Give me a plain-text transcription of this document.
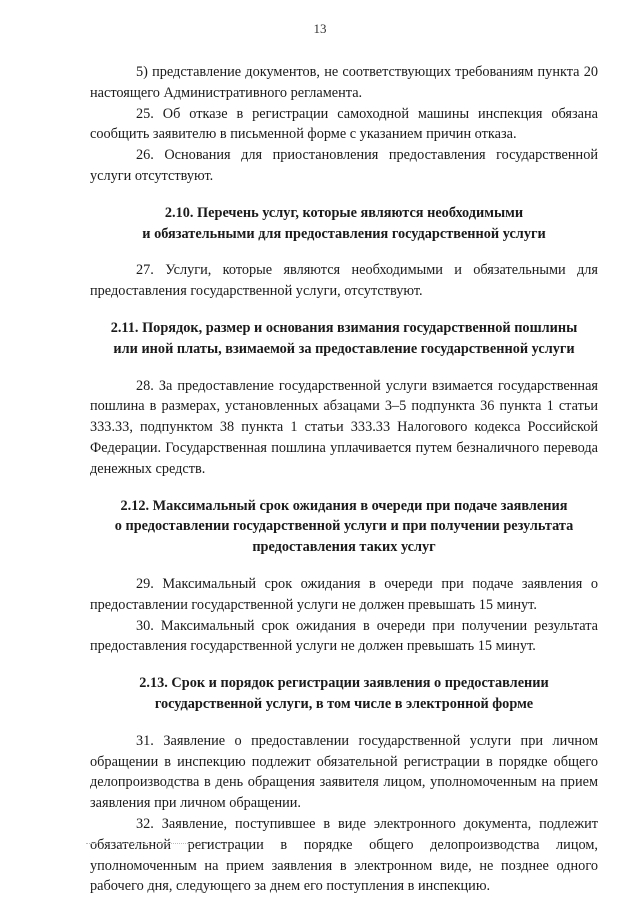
13

5) представление документов, не соответствующих требованиям пункта 20 настоящего Административного регламента.

25. Об отказе в регистрации самоходной машины инспекция обязана сообщить заявителю в письменной форме с указанием причин отказа.

26. Основания для приостановления предоставления государственной услуги отсутствуют.

2.10. Перечень услуг, которые являются необходимыми

и обязательными для предоставления государственной услуги

27. Услуги, которые являются необходимыми и обязательными для предоставления государственной услуги, отсутствуют.

2.11. Порядок, размер и основания взимания государственной пошлины

или иной платы, взимаемой за предоставление государственной услуги

28. За предоставление государственной услуги взимается государственная пошлина в размерах, установленных абзацами 3–5 подпункта 36 пункта 1 статьи 333.33, подпунктом 38 пункта 1 статьи 333.33 Налогового кодекса Российской Федерации. Государственная пошлина уплачивается путем безналичного перевода денежных средств.

2.12. Максимальный срок ожидания в очереди при подаче заявления

о предоставлении государственной услуги и при получении результата

предоставления таких услуг

29. Максимальный срок ожидания в очереди при подаче заявления о предоставлении государственной услуги не должен превышать 15 минут.

30. Максимальный срок ожидания в очереди при получении результата предоставления государственной услуги не должен превышать 15 минут.

2.13. Срок и порядок регистрации заявления о предоставлении

государственной услуги, в том числе в электронной форме

31. Заявление о предоставлении государственной услуги при личном обращении в инспекцию подлежит обязательной регистрации в порядке общего делопроизводства в день обращения заявителя лицом, уполномоченным на прием заявления при личном обращении.

32. Заявление, поступившее в виде электронного документа, подлежит обязательной регистрации в порядке общего делопроизводства лицом, уполномоченным на прием заявления в электронном виде, не позднее одного рабочего дня, следующего за днем его поступления в инспекцию.
